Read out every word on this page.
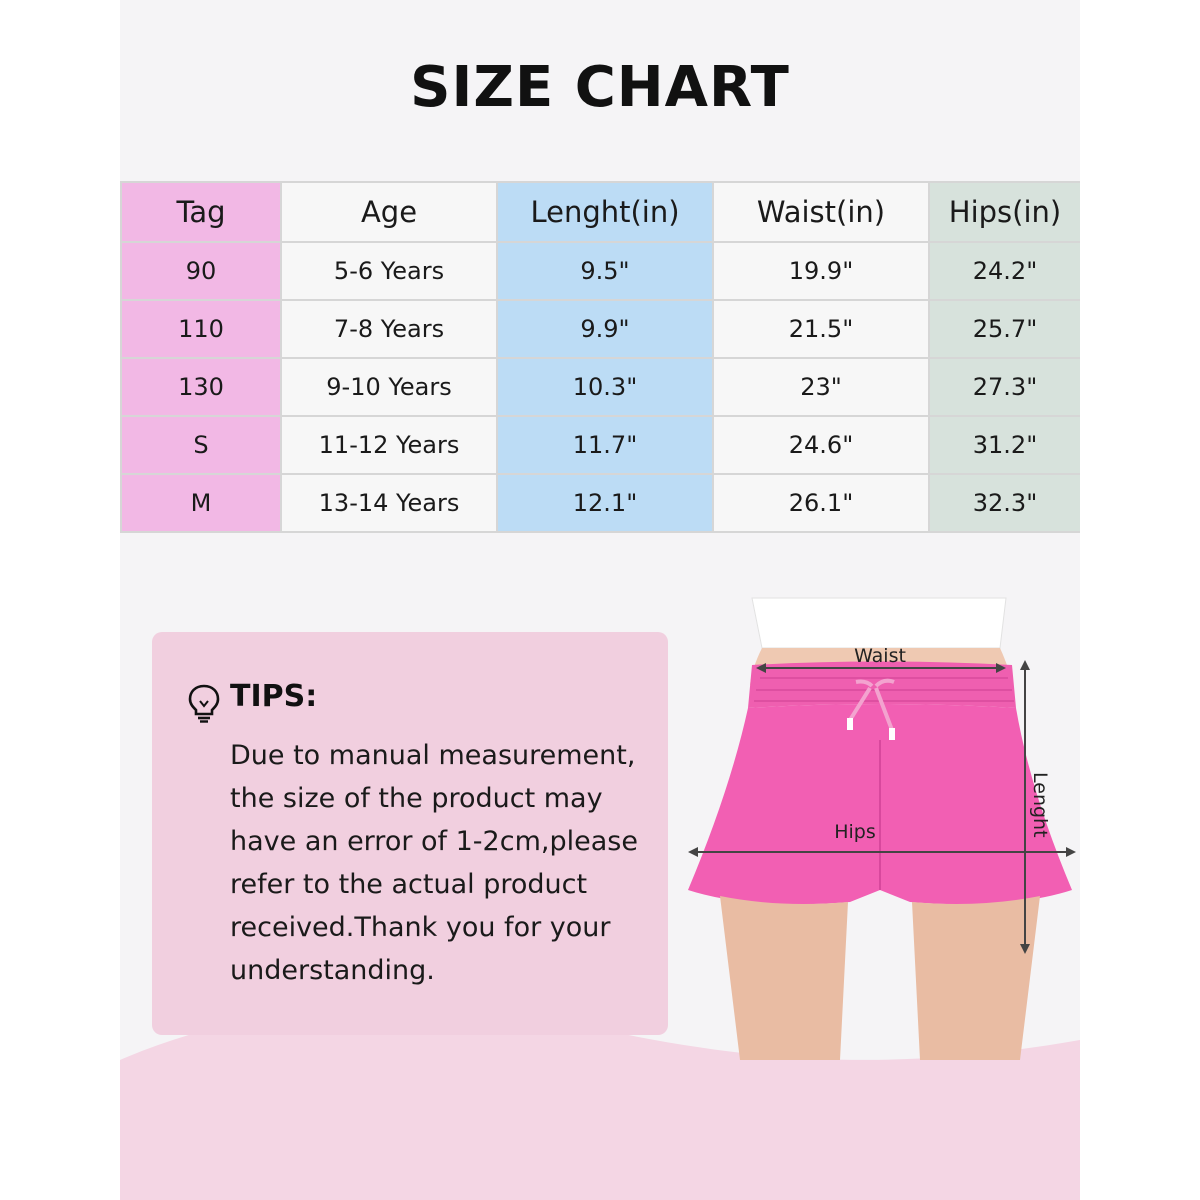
SIZE CHART
Tag	Age	Lenght(in)	Waist(in)	Hips(in)
90	5-6 Years	9.5"	19.9"	24.2"
110	7-8 Years	9.9"	21.5"	25.7"
130	9-10 Years	10.3"	23"	27.3"
S	11-12 Years	11.7"	24.6"	31.2"
M	13-14 Years	12.1"	26.1"	32.3"
TIPS:

Due to manual measurement,
the size of the product may
have an error of 1-2cm,please
refer to the actual product
received.Thank you for your
understanding.

Waist
Hips	Lenght
